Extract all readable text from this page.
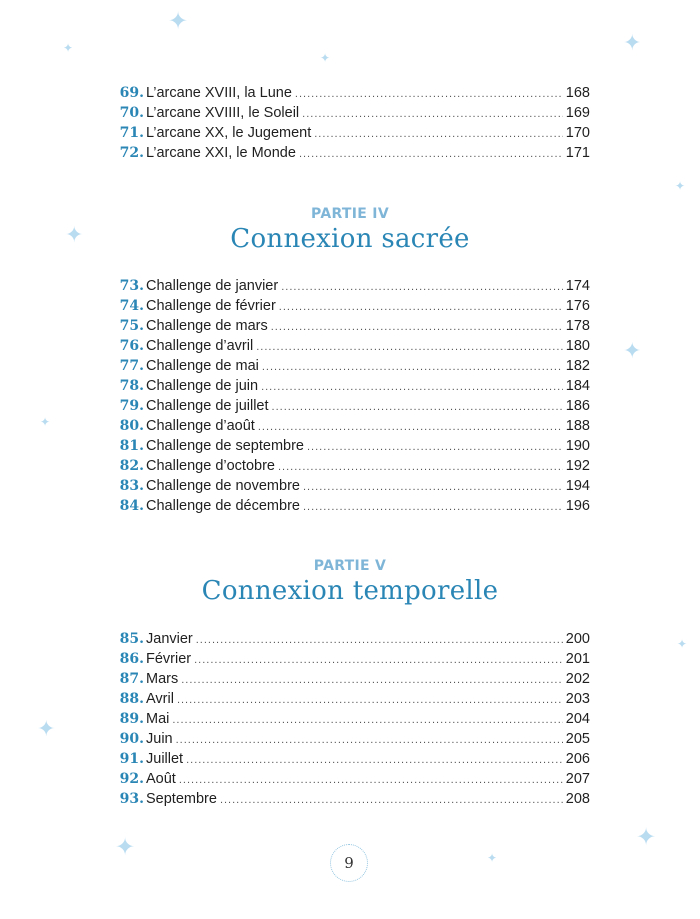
✦
✦
✦
✦
✦
✦
✦
✦
✦
✦
✦	✦
✦
69. L’arcane XVIII, la Lune .....	168
70. L’arcane XVIIII, le Soleil .....	169
71. L’arcane XX, le Jugement .....	170
72. L’arcane XXI, le Monde .....	171
PARTIE IV
Connexion sacrée
73. Challenge de janvier .....	174
74. Challenge de février .....	176
75. Challenge de mars .....	178
76. Challenge d’avril .....	180
77. Challenge de mai .....	182
78. Challenge de juin .....	184
79. Challenge de juillet .....	186
80. Challenge d’août .....	188
81. Challenge de septembre .....	190
82. Challenge d’octobre .....	192
83. Challenge de novembre .....	194
84. Challenge de décembre .....	196
PARTIE V
Connexion temporelle
85. Janvier .....	200
86. Février .....	201
87. Mars .....	202
88. Avril .....	203
89. Mai .....	204
90. Juin .....	205
91. Juillet .....	206
92. Août .....	207
93. Septembre .....	208
9
